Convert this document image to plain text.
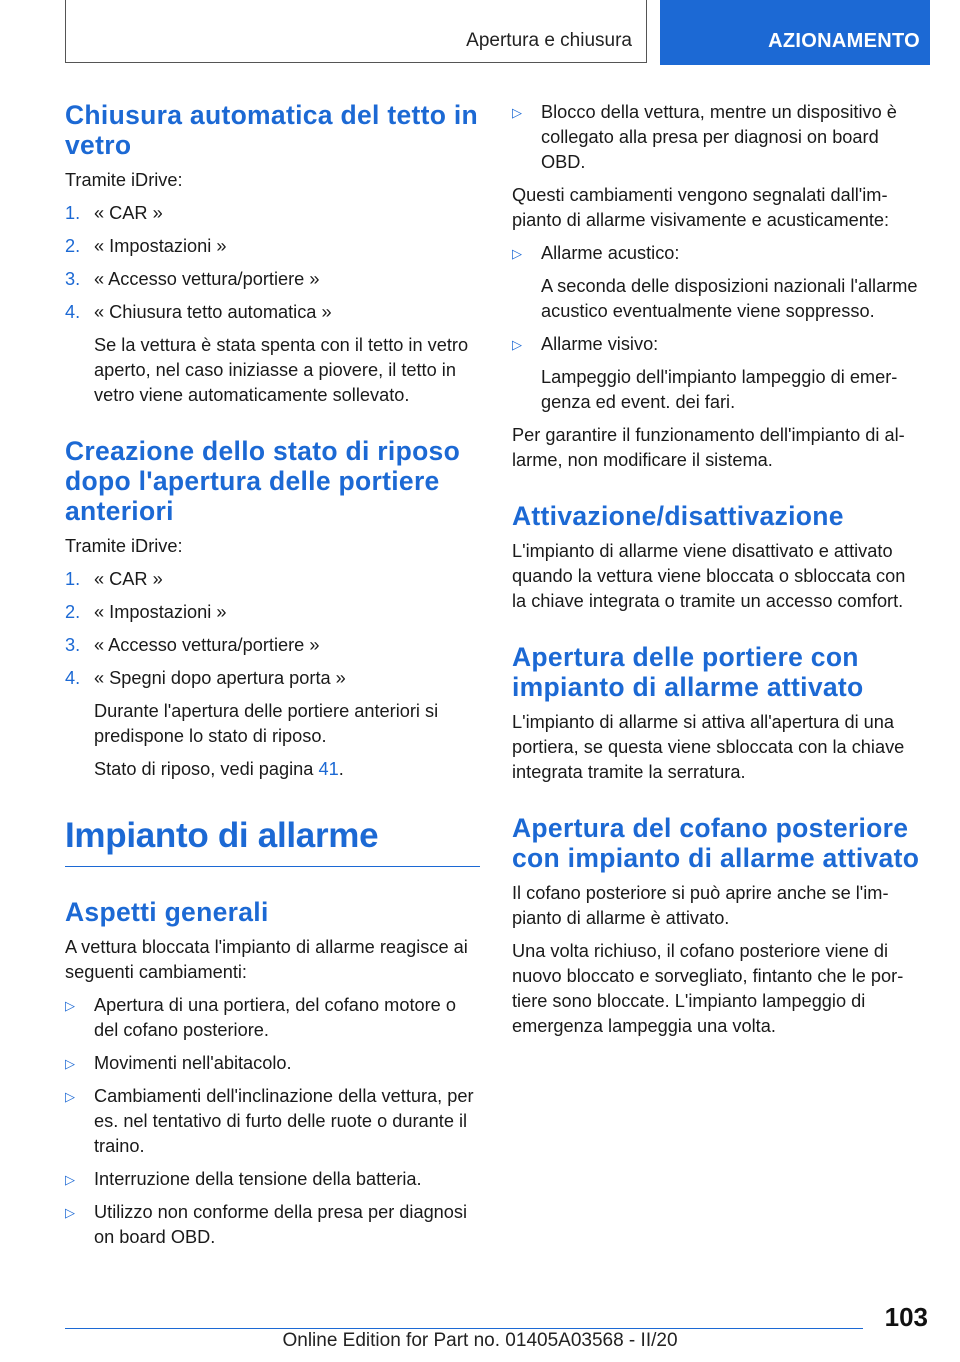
Apertura e chiusura	AZIONAMENTO
Chiusura automatica del tetto in vetro

Tramite iDrive:

1. « CAR »
2. « Impostazioni »
3. « Accesso vettura/portiere »
4. « Chiusura tetto automatica »

Se la vettura è stata spenta con il tetto in vetro aperto, nel caso iniziasse a piovere, il tetto in vetro viene automaticamente sollevato.

Creazione dello stato di riposo dopo l'apertura delle portiere anteriori

Tramite iDrive:

1. « CAR »
2. « Impostazioni »
3. « Accesso vettura/portiere »
4. « Spegni dopo apertura porta »

Durante l'apertura delle portiere anteriori si predispone lo stato di riposo.

Stato di riposo, vedi pagina 41.

Impianto di allarme
Aspetti generali

A vettura bloccata l'impianto di allarme reagisce ai seguenti cambiamenti:

▷ Apertura di una portiera, del cofano motore o del cofano posteriore.
▷ Movimenti nell'abitacolo.
▷ Cambiamenti dell'inclinazione della vettura, per es. nel tentativo di furto delle ruote o durante il traino.
▷ Interruzione della tensione della batteria.
▷ Utilizzo non conforme della presa per diagnosi on board OBD.
▷ Blocco della vettura, mentre un dispositivo è collegato alla presa per diagnosi on board OBD.

Questi cambiamenti vengono segnalati dall'impianto di allarme visivamente e acusticamente:

▷ Allarme acustico:

A seconda delle disposizioni nazionali l'allarme acustico eventualmente viene soppresso.

▷ Allarme visivo:

Lampeggio dell'impianto lampeggio di emergenza ed event. dei fari.

Per garantire il funzionamento dell'impianto di allarme, non modificare il sistema.

Attivazione/disattivazione

L'impianto di allarme viene disattivato e attivato quando la vettura viene bloccata o sbloccata con la chiave integrata o tramite un accesso comfort.

Apertura delle portiere con impianto di allarme attivato

L'impianto di allarme si attiva all'apertura di una portiera, se questa viene sbloccata con la chiave integrata tramite la serratura.

Apertura del cofano posteriore con impianto di allarme attivato

Il cofano posteriore si può aprire anche se l'impianto di allarme è attivato.

Una volta richiuso, il cofano posteriore viene di nuovo bloccato e sorvegliato, fintanto che le portiere sono bloccate. L'impianto lampeggio di emergenza lampeggia una volta.

103
Online Edition for Part no. 01405A03568 - II/20
